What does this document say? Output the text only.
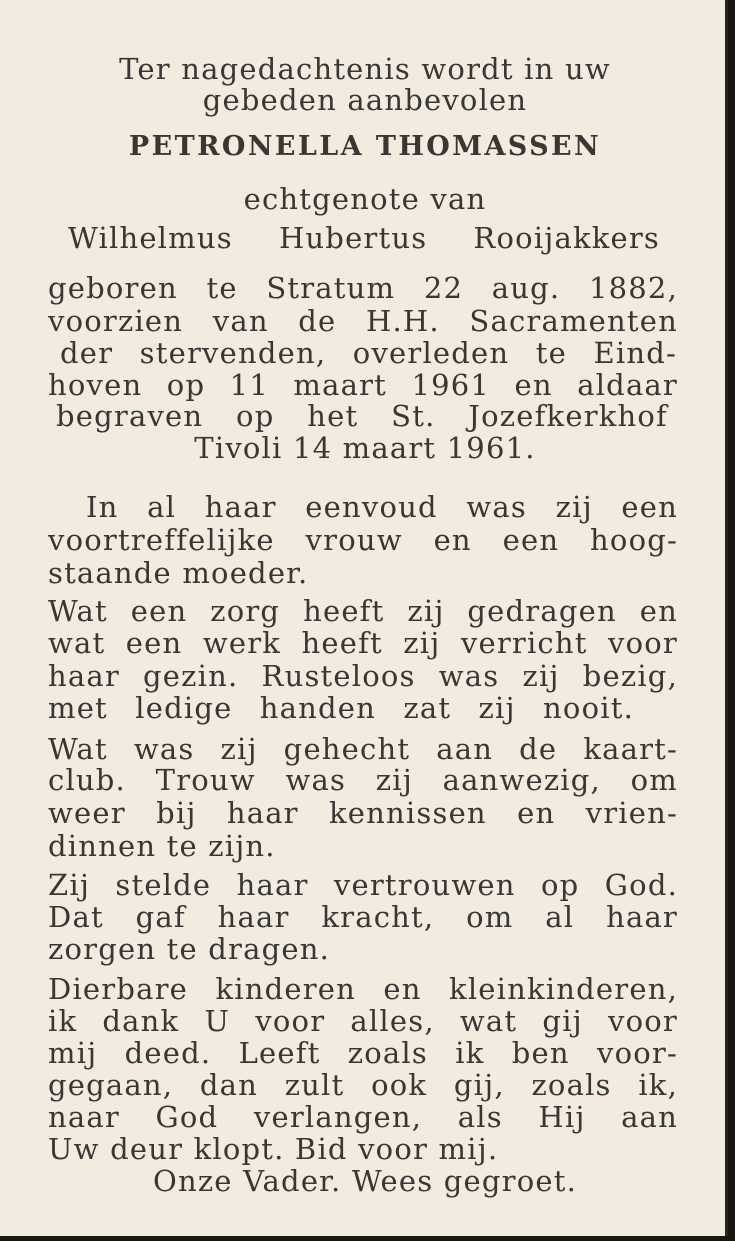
Ter nagedachtenis wordt in uw
gebeden aanbevolen
PETRONELLA THOMASSEN
echtgenote van
Wilhelmus Hubertus Rooijakkers
geboren te Stratum 22 aug. 1882,
voorzien van de H.H. Sacramenten
der stervenden, overleden te Eind-
hoven op 11 maart 1961 en aldaar
begraven op het St. Jozefkerkhof
Tivoli 14 maart 1961.
In al haar eenvoud was zij een
voortreffelijke vrouw en een hoog-
staande moeder.
Wat een zorg heeft zij gedragen en
wat een werk heeft zij verricht voor
haar gezin. Rusteloos was zij bezig,
met ledige handen zat zij nooit.
Wat was zij gehecht aan de kaart-
club. Trouw was zij aanwezig, om
weer bij haar kennissen en vrien-
dinnen te zijn.
Zij stelde haar vertrouwen op God.
Dat gaf haar kracht, om al haar
zorgen te dragen.
Dierbare kinderen en kleinkinderen,
ik dank U voor alles, wat gij voor
mij deed. Leeft zoals ik ben voor-
gegaan, dan zult ook gij, zoals ik,
naar God verlangen, als Hij aan
Uw deur klopt. Bid voor mij.
Onze Vader. Wees gegroet.
